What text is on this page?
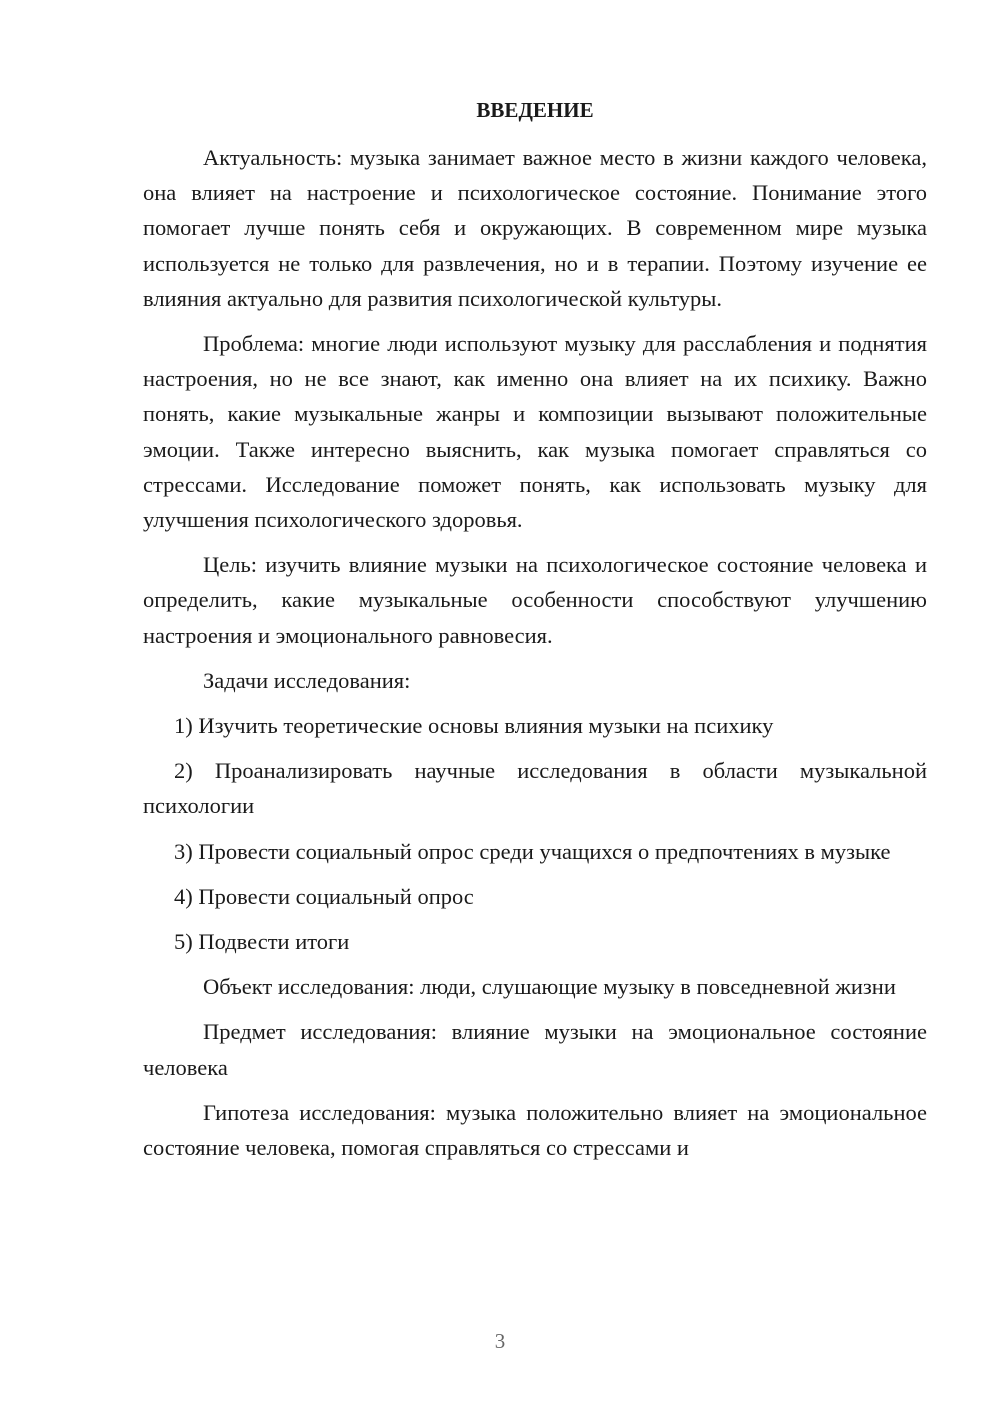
ВВЕДЕНИЕ

Актуальность: музыка занимает важное место в жизни каждого человека, она влияет на настроение и психологическое состояние. Понимание этого помогает лучше понять себя и окружающих. В современном мире музыка используется не только для развлечения, но и в терапии. Поэтому изучение ее влияния актуально для развития психологической культуры.

Проблема: многие люди используют музыку для расслабления и поднятия настроения, но не все знают, как именно она влияет на их психику. Важно понять, какие музыкальные жанры и композиции вызывают положительные эмоции. Также интересно выяснить, как музыка помогает справляться со стрессами. Исследование поможет понять, как использовать музыку для улучшения психологического здоровья.

Цель: изучить влияние музыки на психологическое состояние человека и определить, какие музыкальные особенности способствуют улучшению настроения и эмоционального равновесия.

Задачи исследования:

1) Изучить теоретические основы влияния музыки на психику

2) Проанализировать научные исследования в области музыкальной психологии

3) Провести социальный опрос среди учащихся о предпочтениях в музыке

4) Провести социальный опрос

5) Подвести итоги

Объект исследования: люди, слушающие музыку в повседневной жизни

Предмет исследования: влияние музыки на эмоциональное состояние человека

Гипотеза исследования: музыка положительно влияет на эмоциональное состояние человека, помогая справляться со стрессами и

3
